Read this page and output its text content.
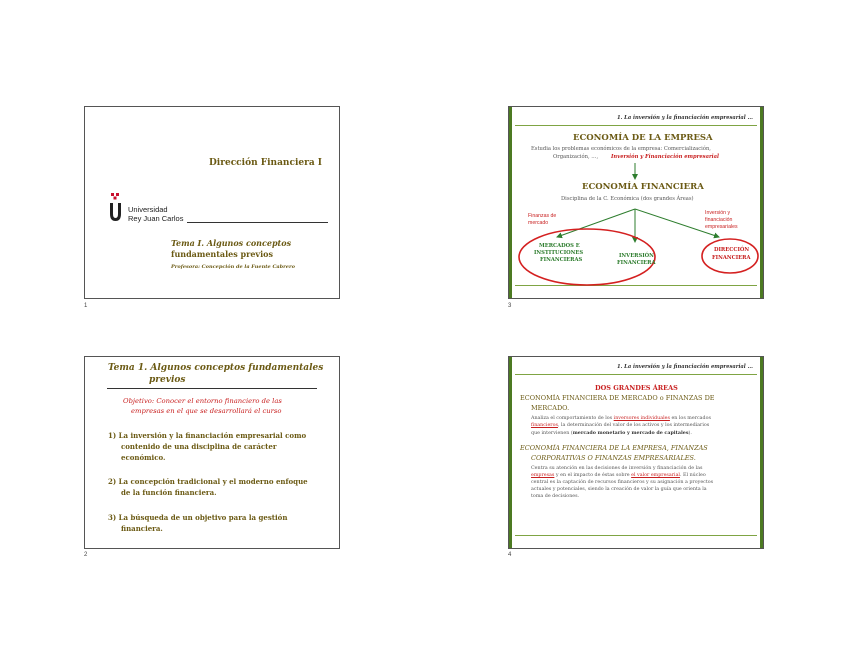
Dirección Financiera I
Universidad
Rey Juan Carlos
Tema I. Algunos conceptos
fundamentales previos
Profesora: Concepción de la Fuente Cabrero
1
Tema 1. Algunos conceptos fundamentales
previos
Objetivo: Conocer el entorno financiero de las
empresas en el que se desarrollará el curso
1) La inversión y la financiación empresarial como
contenido de una disciplina de carácter
económico.
2) La concepción tradicional y el moderno enfoque
de la función financiera.
3) La búsqueda de un objetivo para la gestión
financiera.
2
1. La inversión y la financiación empresarial ...
ECONOMÍA DE LA EMPRESA
Estudia los problemas económicos de la empresa: Comercialización,
Organización, …, Inversión y Financiación empresarial
ECONOMÍA FINANCIERA
Disciplina de la C. Económica (dos grandes Áreas)
Finanzas de
mercado
Inversión y
financiación
empresariales
MERCADOS E
INSTITUCIONES
FINANCIERAS
INVERSIÓN
FINANCIERA
DIRECCIÓN
FINANCIERA
3
1. La inversión y la financiación empresarial ...
DOS GRANDES ÁREAS
ECONOMÍA FINANCIERA DE MERCADO o FINANZAS DE
MERCADO.
Analiza el comportamiento de los inversores individuales en los mercados
financieros, la determinación del valor de los activos y los intermediarios
que intervienen (mercado monetario y mercado de capitales).
ECONOMÍA FINANCIERA DE LA EMPRESA, FINANZAS
CORPORATIVAS O FINANZAS EMPRESARIALES.
Centra su atención en las decisiones de inversión y financiación de las
empresas y en el impacto de éstas sobre el valor empresarial. El núcleo
central es la captación de recursos financieros y su asignación a proyectos
actuales y potenciales, siendo la creación de valor la guía que orienta la
toma de decisiones.
4
